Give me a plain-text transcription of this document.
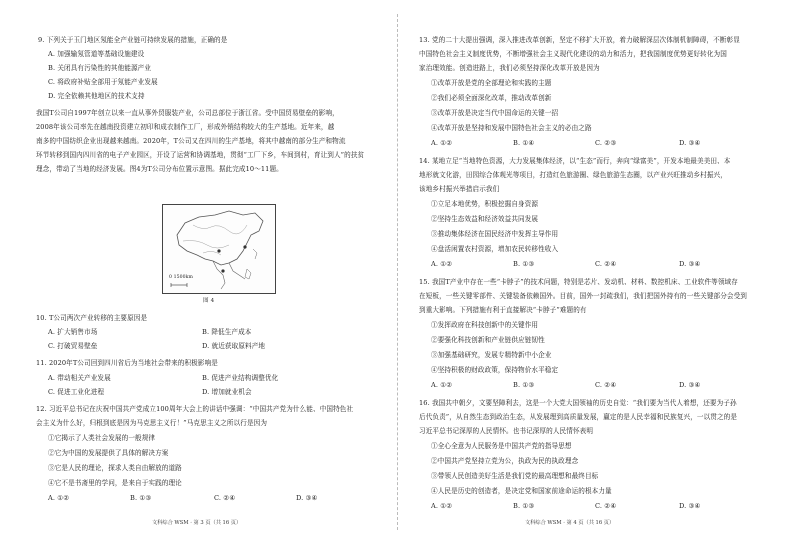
9. 下列关于玉门地区氖能全产业链可持续发展的措施，正确的是
A. 加强输氖管道等基础设施建设
B. 关闭具有污染性的其他能源产业
C. 将政府补贴全部用于氖能产业发展
D. 完全依赖其他地区的技术支持
我国T公司自1997年创立以来一直从事外贸服装产业，公司总部位于浙江省。受中国贸易壁垒的影响，
2008年该公司率先在越南投资建立初印和成衣制作工厂，形成外销结构较大的生产基地。近年来，越
南多的中国纺织企业出现越来越南。2020年，T公司又在四川的生产基地，将其中越南的部分生产和物流
环节转移到国内四川省的电子产业园区，开设了运营和协调基地，贯彻“工厂下乡，车间到村，育让到人”的扶贫
理念，带动了当地的经济发展。图4为T公司分布位置示意图。据此完成10～11题。
0 1500km
图 4
10. T公司两次产业转移的主要原因是
A. 扩大销售市场	B. 降低生产成本
C. 打破贸易壁垒	D. 就近获取原料产地
11. 2020年T公司回到四川省后为当地社会带来的积极影响是
A. 带动相关产业发展	B. 促进产业结构调整优化
C. 促进工业化进程	D. 增加就业机会
12. 习近平总书记在庆祝中国共产党成立100周年大会上的讲话中强调：“中国共产党为什么能、中国特色社
会主义为什么好，归根到底是因为马克思主义行！”马克思主义之所以行是因为
①它揭示了人类社会发展的一般规律
②它为中国的发展提供了具体的解决方案
③它是人民的理论，探求人类自由解放的道路
④它不是书斋里的学问，是来自于实践的理论
A. ①②	B. ①③	C. ②④	D. ③④
文科综合 WSM · 第 3 页（共 16 页）
13. 党的二十大提出强调，深入推进改革创新，坚定不移扩大开放，着力破解深层次体制机制障碍，不断彰显
中国特色社会主义制度优势，不断增强社会主义现代化建设的动力和活力，把我国制度优势更好转化为国
家治理效能。创造进路上，我们必须坚持深化改革开放是因为
①改革开放是党的全部理论和实践的主题
②我们必须全面深化改革，推动改革创新
③改革开放是决定当代中国命运的关键一招
④改革开放是坚持和发展中国特色社会主义的必由之路
A. ①②	B. ①④	C. ②③	D. ③④
14. 某地立足“当地特色资源，大力发展集体经济，以“生态”而行，奔向“绿富美”，开发本地最美美田、本
地形就文化游，田园综合体观光等项目，打造红色旅游圈、绿色旅游生态圈，以产业兴旺推动乡村振兴，
该地乡村振兴举措启示我们
①立足本地优势，积极挖掘自身资源
②坚持生态效益和经济效益共同发展
③推动集体经济在国民经济中发挥主导作用
④盘活闲置农村资源，增加农民转移性收入
A. ①②	B. ①③	C. ②④	D. ③④
15. 我国T产业中存在一些“卡脖子”的技术问题，特别是芯片、发动机、材料、数控机床、工业软件等领域存
在短板，一些关键零部件、关键装备依赖国外。目前，国外一封疏我们，我们把国外持有的一些关键部分会受到
到重大影响。下列措施有利于直接解决“卡脖子”难题的有
①发挥政府在科技创新中的关键作用
②要强化科技创新和产业链供应链韧性
③加强基础研究，发展专精特新中小企业
④坚持积极的财政政策，保持物价水平稳定
A. ①②	B. ①③	C. ②④	D. ③④
16. 我国共中朝夕，文要坚障利去，这是一个大党大国领袖的历史自觉：“我们要为当代人着想，还要为子孙
后代负责”，从自然生态到政治生态，从发展理到高质量发展，赢定的是人民幸福和民族复兴，一以贯之的是
习近平总书记深厚的人民情怀。也书记深厚的人民情怀表明
①全心全意为人民服务是中国共产党的指导思想
②中国共产党坚持立党为公，执政为民的执政理念
③带领人民创造美好生活是我们党的最高理想和最终目标
④人民是历史的创造者，是决定党和国家前途命运的根本力量
A. ①②	B. ①③	C. ②④	D. ③④
文科综合 WSM · 第 4 页（共 16 页）
